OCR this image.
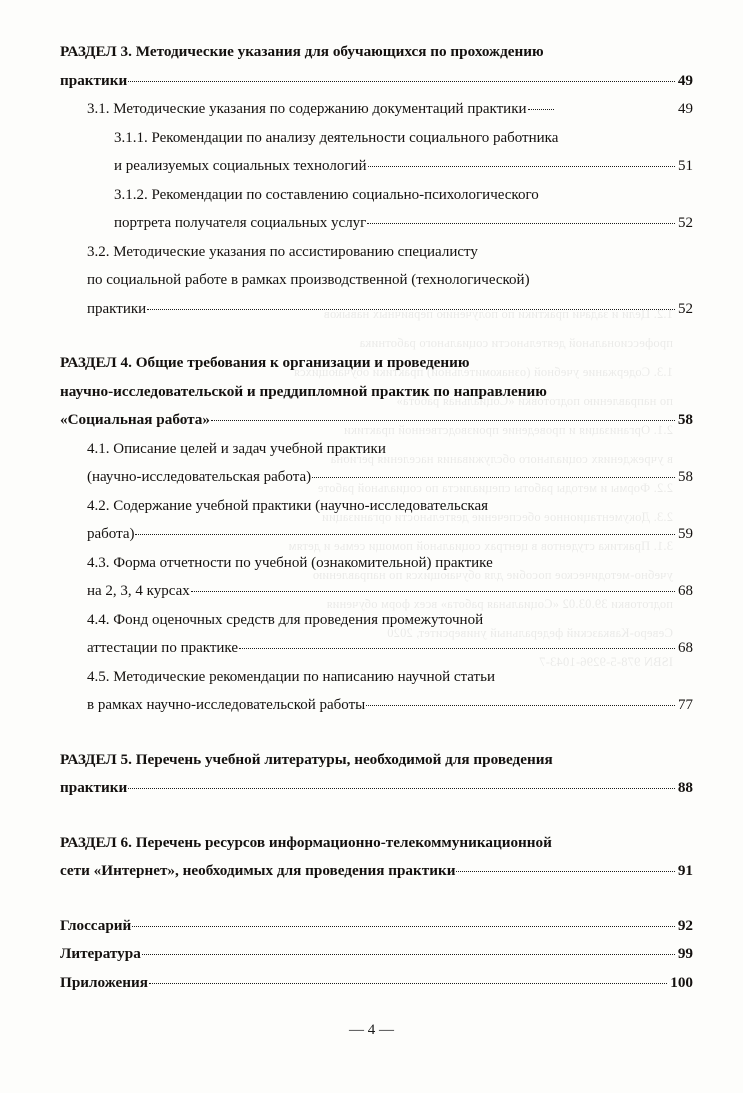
1.2. Цели и задачи практики по получению первичных навыков
профессиональной деятельности социального работника
1.3. Содержание учебной (ознакомительной) практики обучающихся
по направлению подготовки «Социальная работа»
2.1. Организация и проведение производственной практики
в учреждениях социального обслуживания населения региона
2.2. Формы и методы работы специалиста по социальной работе
2.3. Документационное обеспечение деятельности организации
3.1. Практика студентов в центрах социальной помощи семье и детям
учебно-методическое пособие для обучающихся по направлению
подготовки 39.03.02 «Социальная работа» всех форм обучения
Северо-Кавказский федеральный университет, 2020
ISBN 978-5-9296-1043-7
РАЗДЕЛ 3. Методические указания для обучающихся по прохождению
практики	49
3.1. Методические указания по содержанию документаций практики	49
3.1.1. Рекомендации по анализу деятельности социального работника
и реализуемых социальных технологий	51
3.1.2. Рекомендации по составлению социально-психологического
портрета получателя социальных услуг	52
3.2. Методические указания по ассистированию специалисту
по социальной работе в рамках производственной (технологической)
практики	52
РАЗДЕЛ 4. Общие требования к организации и проведению
научно-исследовательской и преддипломной практик по направлению
«Социальная работа»	58
4.1. Описание целей и задач учебной практики
(научно-исследовательская работа)	58
4.2. Содержание учебной практики (научно-исследовательская
работа)	59
4.3. Форма отчетности по учебной (ознакомительной) практике
на 2, 3, 4 курсах	68
4.4. Фонд оценочных средств для проведения промежуточной
аттестации по практике	68
4.5. Методические рекомендации по написанию научной статьи
в рамках научно-исследовательской работы	77
РАЗДЕЛ 5. Перечень учебной литературы, необходимой для проведения
практики	88
РАЗДЕЛ 6. Перечень ресурсов информационно-телекоммуникационной
сети «Интернет», необходимых для проведения практики	91
Глоссарий	92
Литература	99
Приложения	100
— 4 —
